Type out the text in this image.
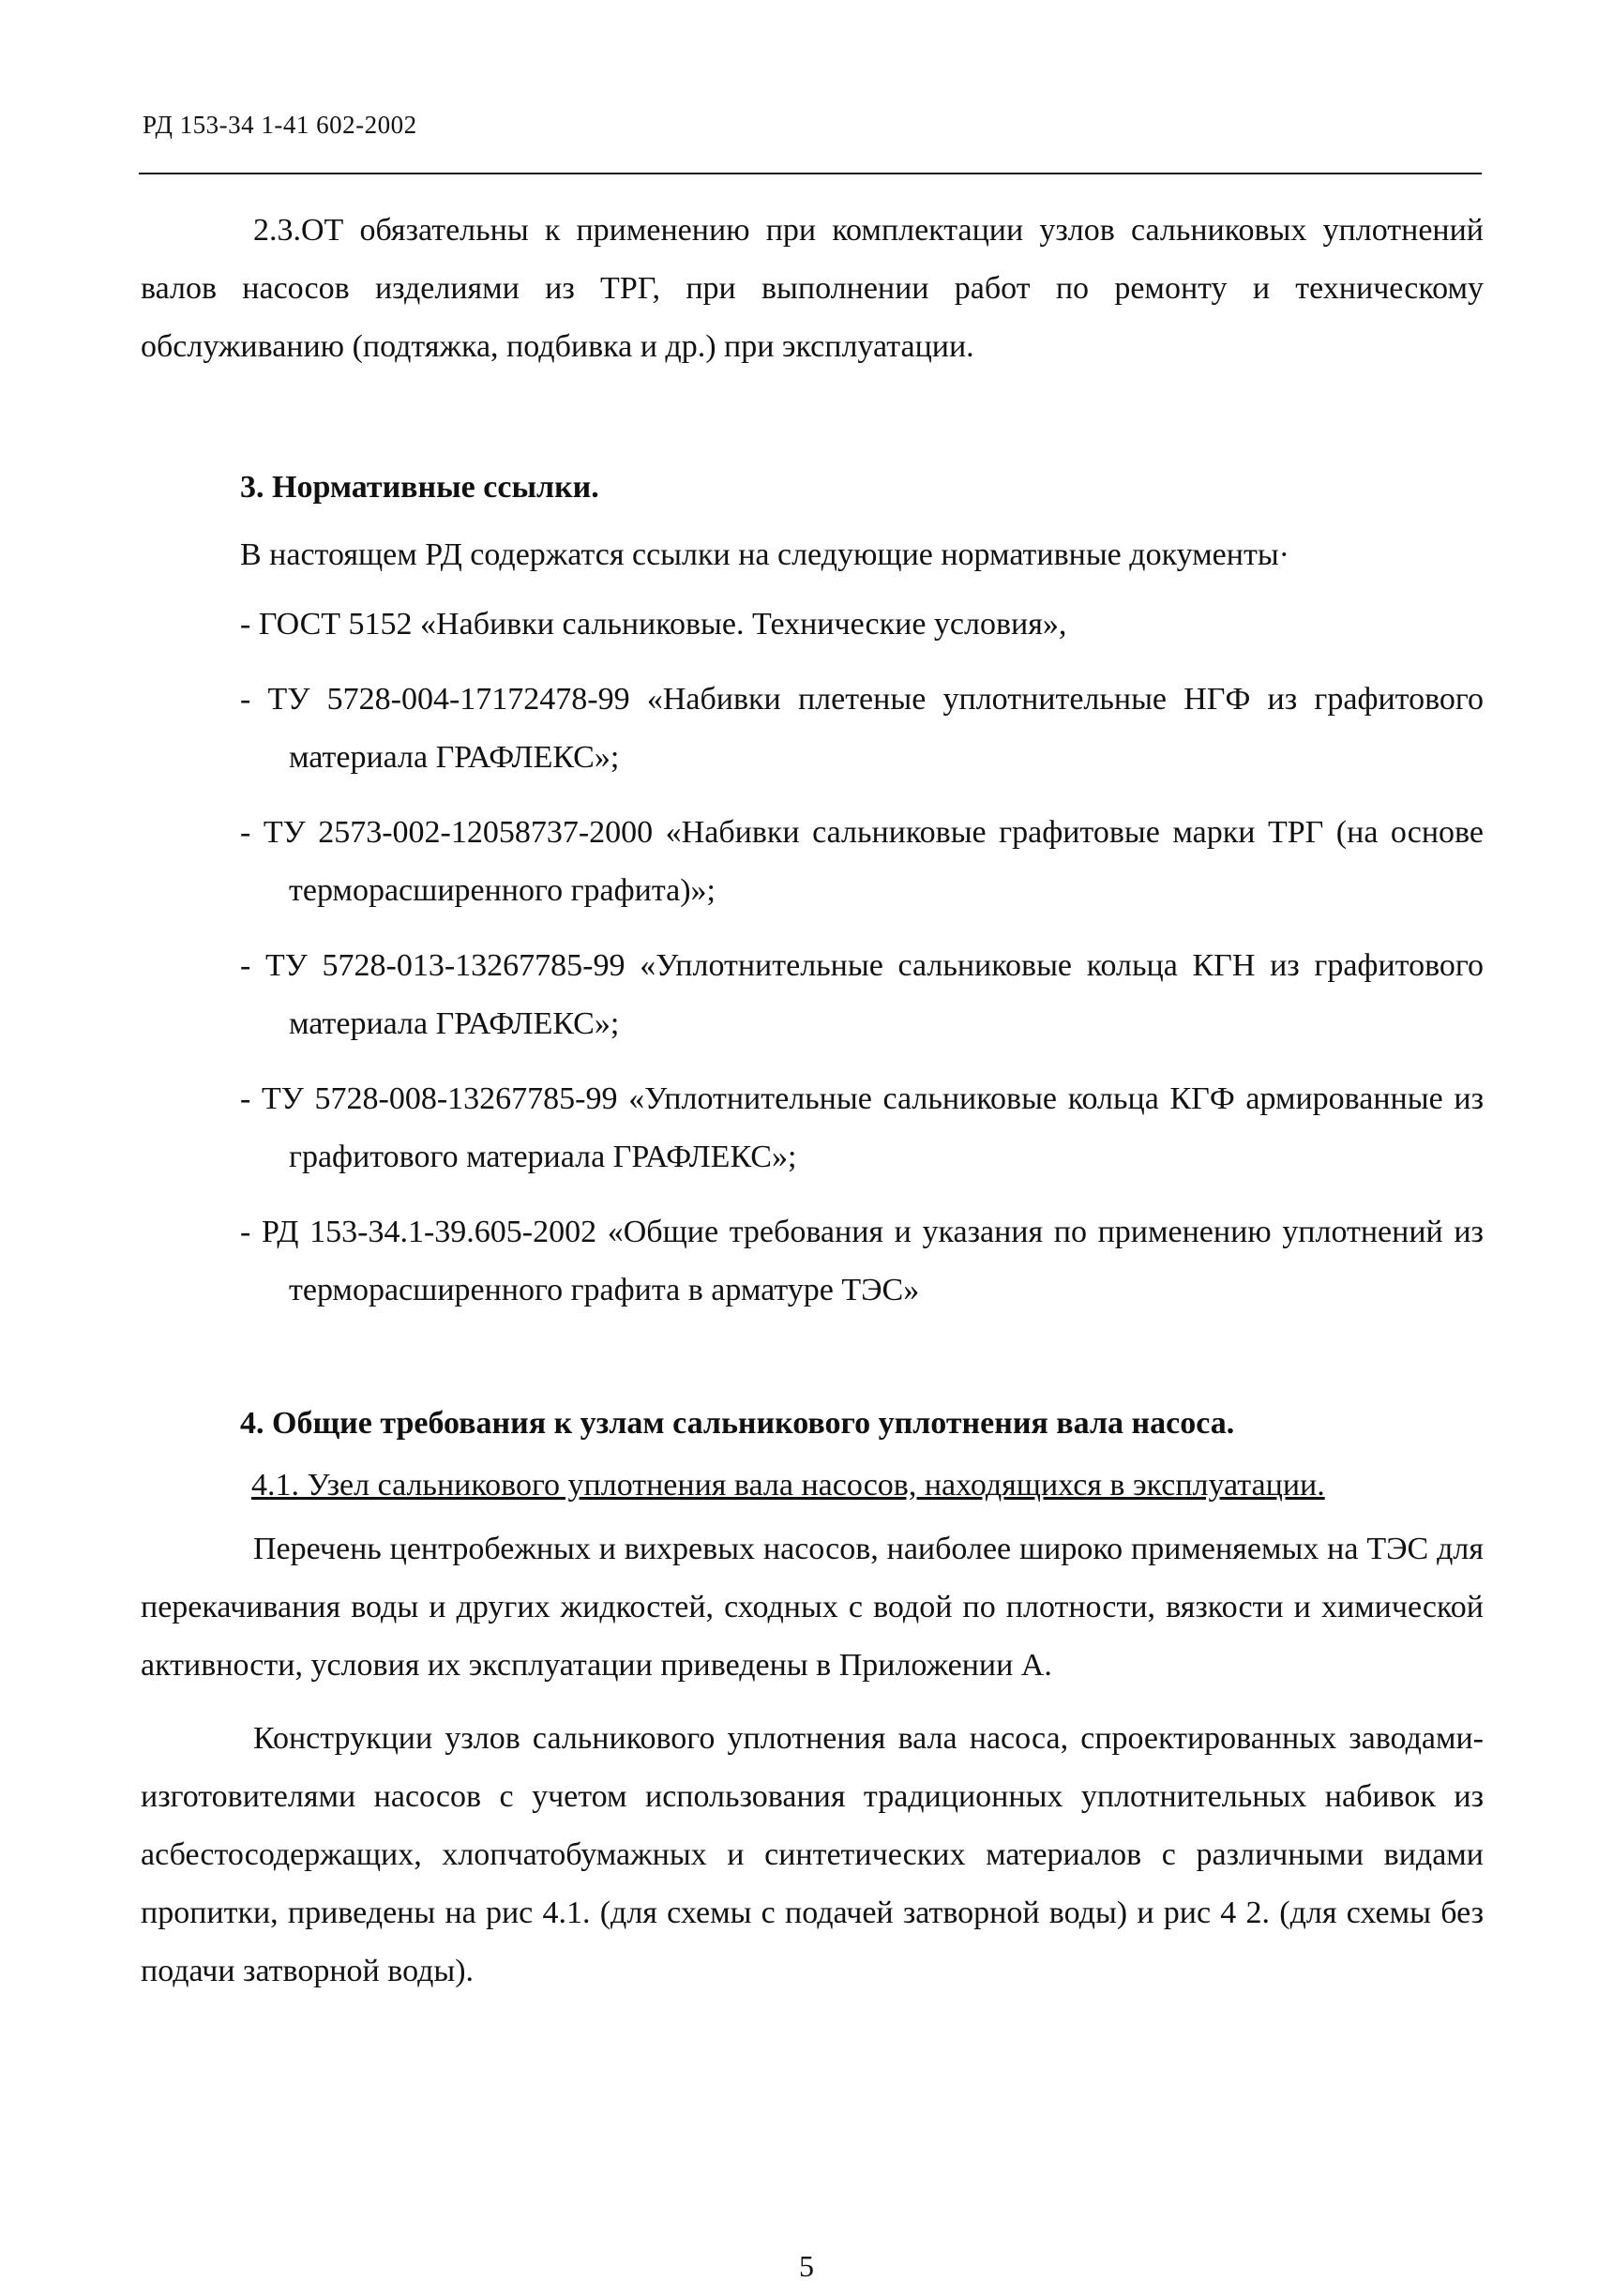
РД 153-34 1-41 602-2002

2.3.ОТ обязательны к применению при комплектации узлов сальниковых уплотнений валов насосов изделиями из ТРГ, при выполнении работ по ремонту и техническому обслуживанию (подтяжка, подбивка и др.) при эксплуатации.

3. Нормативные ссылки.

В настоящем РД содержатся ссылки на следующие нормативные документы·

- ГОСТ 5152 «Набивки сальниковые. Технические условия»,
- ТУ 5728-004-17172478-99 «Набивки плетеные уплотнительные НГФ из графитового материала ГРАФЛЕКС»;
- ТУ 2573-002-12058737-2000 «Набивки сальниковые графитовые марки ТРГ (на основе терморасширенного графита)»;
- ТУ 5728-013-13267785-99 «Уплотнительные сальниковые кольца КГН из графитового материала ГРАФЛЕКС»;
- ТУ 5728-008-13267785-99 «Уплотнительные сальниковые кольца КГФ армированные из графитового материала ГРАФЛЕКС»;
- РД 153-34.1-39.605-2002 «Общие требования и указания по применению уплотнений из терморасширенного графита в арматуре ТЭС»

4. Общие требования к узлам сальникового уплотнения вала насоса.

4.1. Узел сальникового уплотнения вала насосов, находящихся в эксплуатации.

Перечень центробежных и вихревых насосов, наиболее широко применяемых на ТЭС для перекачивания воды и других жидкостей, сходных с водой по плотности, вязкости и химической активности, условия их эксплуатации приведены в Приложении А.

Конструкции узлов сальникового уплотнения вала насоса, спроектированных заводами-изготовителями насосов с учетом использования традиционных уплотнительных набивок из асбестосодержащих, хлопчатобумажных и синтетических материалов с различными видами пропитки, приведены на рис 4.1. (для схемы с подачей затворной воды) и рис 4 2. (для схемы без подачи затворной воды).

5
